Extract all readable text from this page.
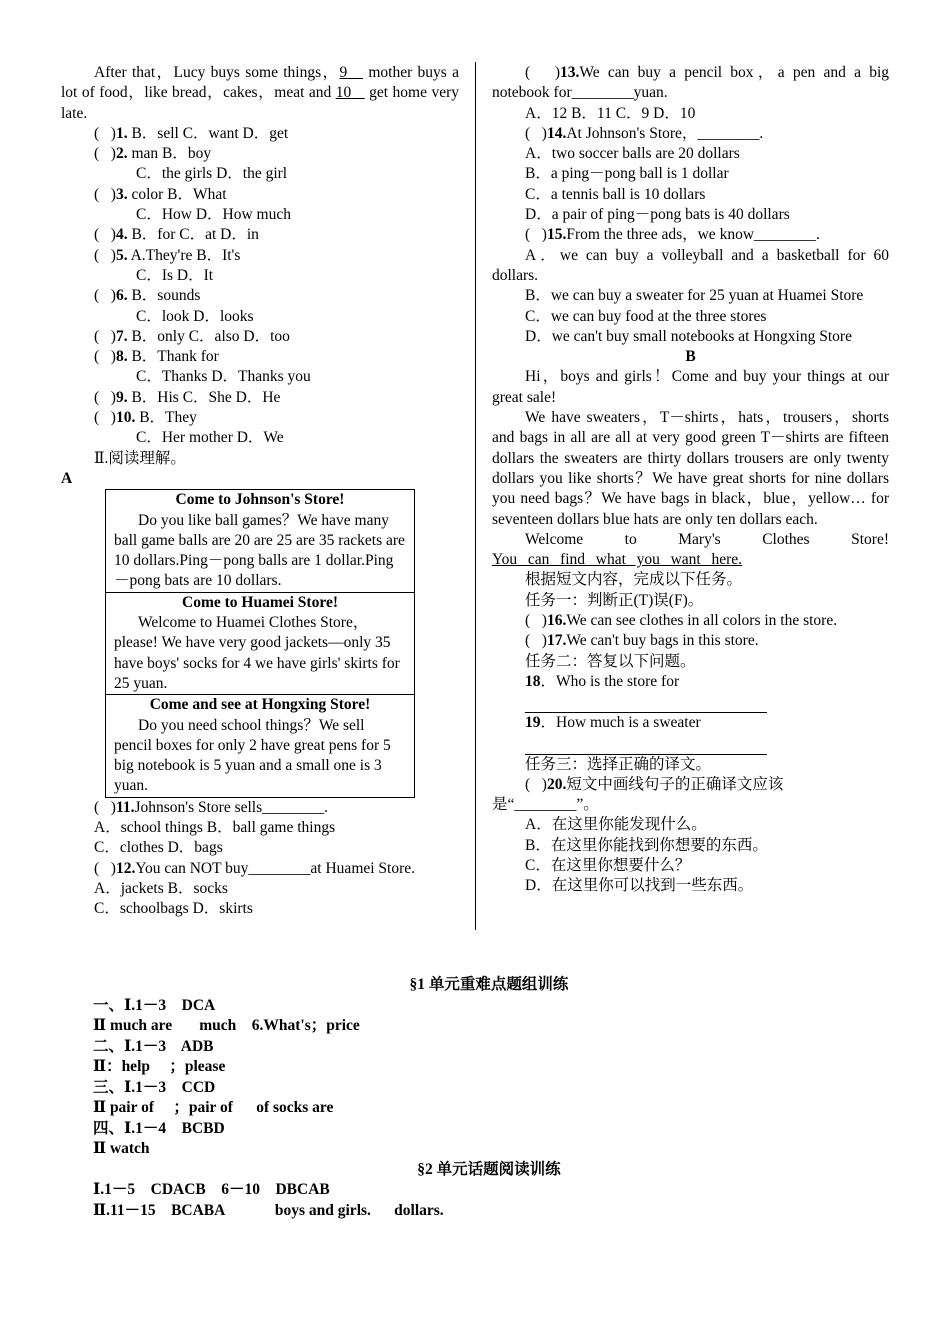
After that，Lucy buys some things，9    mother buys a lot of food，like bread，cakes，meat and 10    get home very late.

(   )1. B．sell C．want D．get

(   )2. man B．boy

C．the girls D．the girl

(   )3. color B．What

C．How D．How much

(   )4. B．for C．at D．in

(   )5. A.They're B．It's

C．Is D．It

(   )6. B．sounds

C．look D．looks

(   )7. B．only C．also D．too

(   )8. B．Thank for

C．Thanks D．Thanks you

(   )9. B．His C．She D．He

(   )10. B．They

C．Her mother D．We

Ⅱ.阅读理解。

A

Come to Johnson's Store!

Do you like ball games？We have many ball game balls are 20 are 25 are 35 rackets are 10 dollars.Ping－pong balls are 1 dollar.Ping－pong bats are 10 dollars.

Come to Huamei Store!

Welcome to Huamei Clothes Store，please! We have very good jackets—only 35 have boys' socks for 4 we have girls' skirts for 25 yuan.

Come and see at Hongxing Store!

Do you need school things？We sell pencil boxes for only 2 have great pens for 5 big notebook is 5 yuan and a small one is 3 yuan.

(   )11.Johnson's Store sells________.

A．school things B．ball game things

C．clothes D．bags

(   )12.You can NOT buy________at Huamei Store.

A．jackets B．socks

C．schoolbags D．skirts

(   )13.We can buy a pencil box，a pen and a big notebook for________yuan.

A．12 B．11 C．9 D．10

(   )14.At Johnson's Store，________.

A．two soccer balls are 20 dollars

B．a ping－pong ball is 1 dollar

C．a tennis ball is 10 dollars

D．a pair of ping－pong bats is 40 dollars

(   )15.From the three ads，we know________.

A．we can buy a volleyball and a basketball for 60 dollars.

B．we can buy a sweater for 25 yuan at Huamei Store

C．we can buy food at the three stores

D．we can't buy small notebooks at Hongxing Store

B

Hi，boys and girls！Come and buy your things at our great sale!

We have sweaters，T－shirts，hats，trousers，shorts and bags in all are all at very good green T－shirts are fifteen dollars the sweaters are thirty dollars trousers are only twenty dollars you like shorts？We have great shorts for nine dollars you need bags？We have bags in black，blue，yellow… for seventeen dollars blue hats are only ten dollars each.

Welcome to Mary's Clothes Store!

You can find what you want here.

根据短文内容，完成以下任务。

任务一：判断正(T)误(F)。

(   )16.We can see clothes in all colors in the store.

(   )17.We can't buy bags in this store.

任务二：答复以下问题。

18．Who is the store for

19．How much is a sweater

任务三：选择正确的译文。

(   )20.短文中画线句子的正确译文应该是“________”。

A．在这里你能发现什么。

B．在这里你能找到你想要的东西。

C．在这里你想要什么？

D．在这里你可以找到一些东西。

§1 单元重难点题组训练

一、Ⅰ.1－3    DCA

Ⅱ much are       much    6.What's；price

二、Ⅰ.1－3    ADB

Ⅱ：help     ；please

三、Ⅰ.1－3    CCD

Ⅱ pair of     ；pair of      of socks are

四、Ⅰ.1－4    BCBD

Ⅱ watch

§2 单元话题阅读训练

Ⅰ.1－5    CDACB    6－10    DBCAB

Ⅱ.11－15    BCABA             boys and girls.      dollars.
